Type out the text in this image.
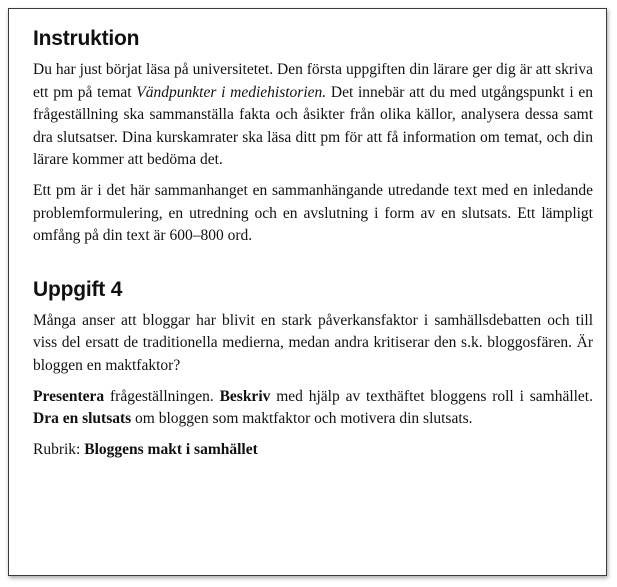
Instruktion

Du har just börjat läsa på universitetet. Den första uppgiften din lärare ger dig är att skriva ett pm på temat Vändpunkter i mediehistorien. Det innebär att du med utgångspunkt i en frågeställning ska sammanställa fakta och åsikter från olika källor, analysera dessa samt dra slutsatser. Dina kurskamrater ska läsa ditt pm för att få information om temat, och din lärare kommer att bedöma det.

Ett pm är i det här sammanhanget en sammanhängande utredande text med en inledande problemformulering, en utredning och en avslutning i form av en slutsats. Ett lämpligt omfång på din text är 600–800 ord.

Uppgift 4

Många anser att bloggar har blivit en stark påverkansfaktor i samhällsdebatten och till viss del ersatt de traditionella medierna, medan andra kritiserar den s.k. bloggosfären. Är bloggen en maktfaktor?

Presentera frågeställningen. Beskriv med hjälp av texthäftet bloggens roll i samhället. Dra en slutsats om bloggen som maktfaktor och motivera din slutsats.

Rubrik: Bloggens makt i samhället
